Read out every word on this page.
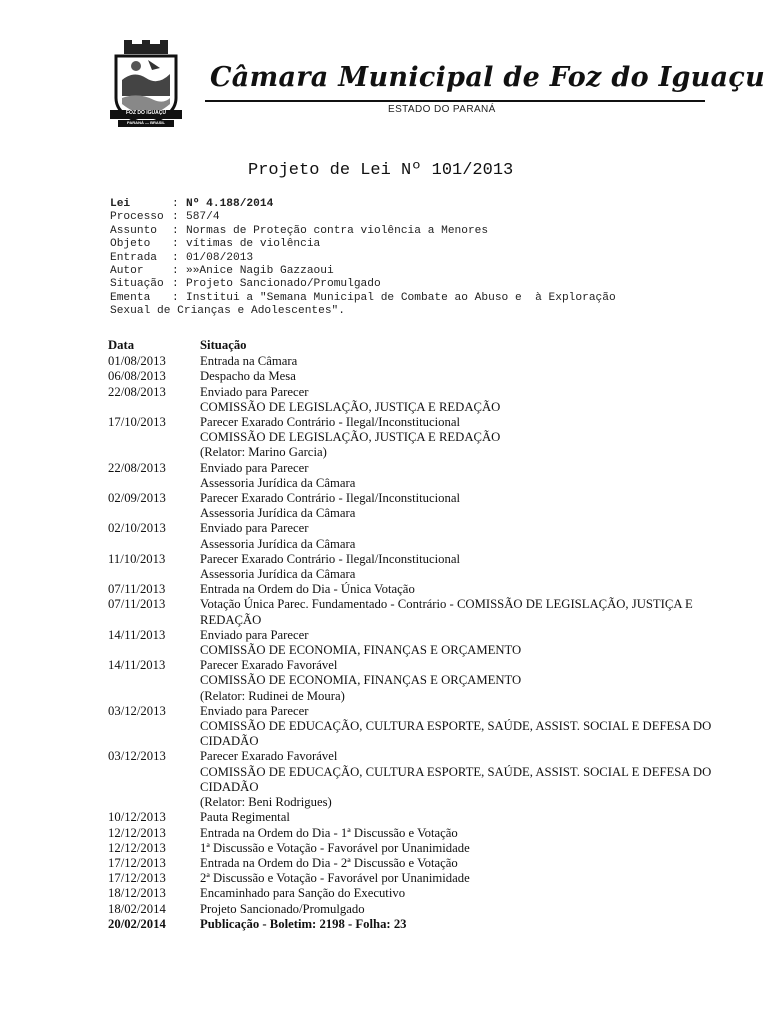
FOZ DO IGUAÇU
PARANÁ — BRASIL
Câmara Municipal de Foz do Iguaçu
ESTADO DO PARANÁ
Projeto de Lei Nº 101/2013
Lei	: Nº 4.188/2014
Processo : 587/4
Assunto : Normas de Proteção contra violência a Menores
Objeto : vítimas de violência
Entrada : 01/08/2013
Autor	: »»Anice Nagib Gazzaoui
Situação : Projeto Sancionado/Promulgado
Ementa : Institui a "Semana Municipal de Combate ao Abuso e  à Exploração
Sexual de Crianças e Adolescentes".
Data	Situação
01/08/2013	Entrada na Câmara
06/08/2013	Despacho da Mesa
22/08/2013	Enviado para Parecer
COMISSÃO DE LEGISLAÇÃO, JUSTIÇA E REDAÇÃO
17/10/2013	Parecer Exarado Contrário - Ilegal/Inconstitucional
COMISSÃO DE LEGISLAÇÃO, JUSTIÇA E REDAÇÃO
(Relator: Marino Garcia)
22/08/2013	Enviado para Parecer
Assessoria Jurídica da Câmara
02/09/2013	Parecer Exarado Contrário - Ilegal/Inconstitucional
Assessoria Jurídica da Câmara
02/10/2013	Enviado para Parecer
Assessoria Jurídica da Câmara
11/10/2013	Parecer Exarado Contrário - Ilegal/Inconstitucional
Assessoria Jurídica da Câmara
07/11/2013	Entrada na Ordem do Dia - Única Votação
07/11/2013	Votação Única Parec. Fundamentado - Contrário - COMISSÃO DE LEGISLAÇÃO, JUSTIÇA E REDAÇÃO
14/11/2013	Enviado para Parecer
COMISSÃO DE ECONOMIA, FINANÇAS E ORÇAMENTO
14/11/2013	Parecer Exarado Favorável
COMISSÃO DE ECONOMIA, FINANÇAS E ORÇAMENTO
(Relator: Rudinei de Moura)
03/12/2013	Enviado para Parecer
COMISSÃO DE EDUCAÇÃO, CULTURA ESPORTE, SAÚDE, ASSIST. SOCIAL E DEFESA DO CIDADÃO
03/12/2013	Parecer Exarado Favorável
COMISSÃO DE EDUCAÇÃO, CULTURA ESPORTE, SAÚDE, ASSIST. SOCIAL E DEFESA DO CIDADÃO
(Relator: Beni Rodrigues)
10/12/2013	Pauta Regimental
12/12/2013	Entrada na Ordem do Dia - 1ª Discussão e Votação
12/12/2013	1ª Discussão e Votação - Favorável por Unanimidade
17/12/2013	Entrada na Ordem do Dia - 2ª Discussão e Votação
17/12/2013	2ª Discussão e Votação - Favorável por Unanimidade
18/12/2013	Encaminhado para Sanção do Executivo
18/02/2014	Projeto Sancionado/Promulgado
20/02/2014	Publicação - Boletim: 2198 - Folha: 23
